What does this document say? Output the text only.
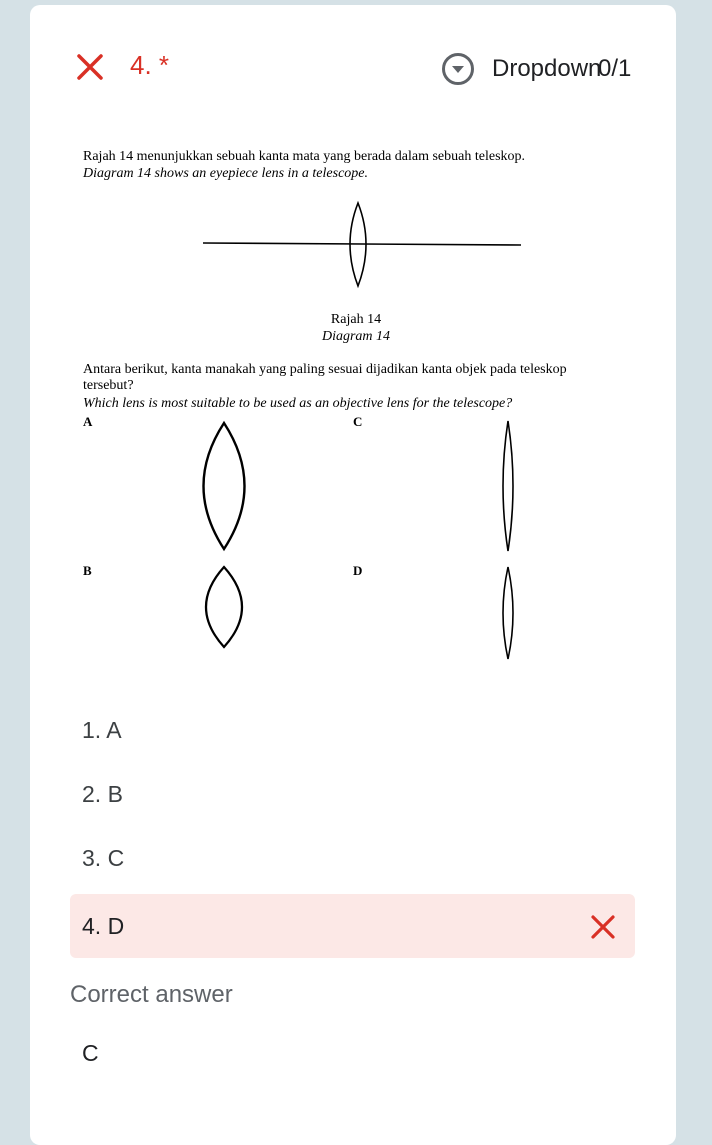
4. *	Dropdown
0/1
Rajah 14 menunjukkan sebuah kanta mata yang berada dalam sebuah teleskop.
Diagram 14 shows an eyepiece lens in a telescope.
Rajah 14
Diagram 14
Antara berikut, kanta manakah yang paling sesuai dijadikan kanta objek pada teleskop tersebut?
Which lens is most suitable to be used as an objective lens for the telescope?
A	C
B	D
1. A
2. B
3. C
4. D
Correct answer
C
